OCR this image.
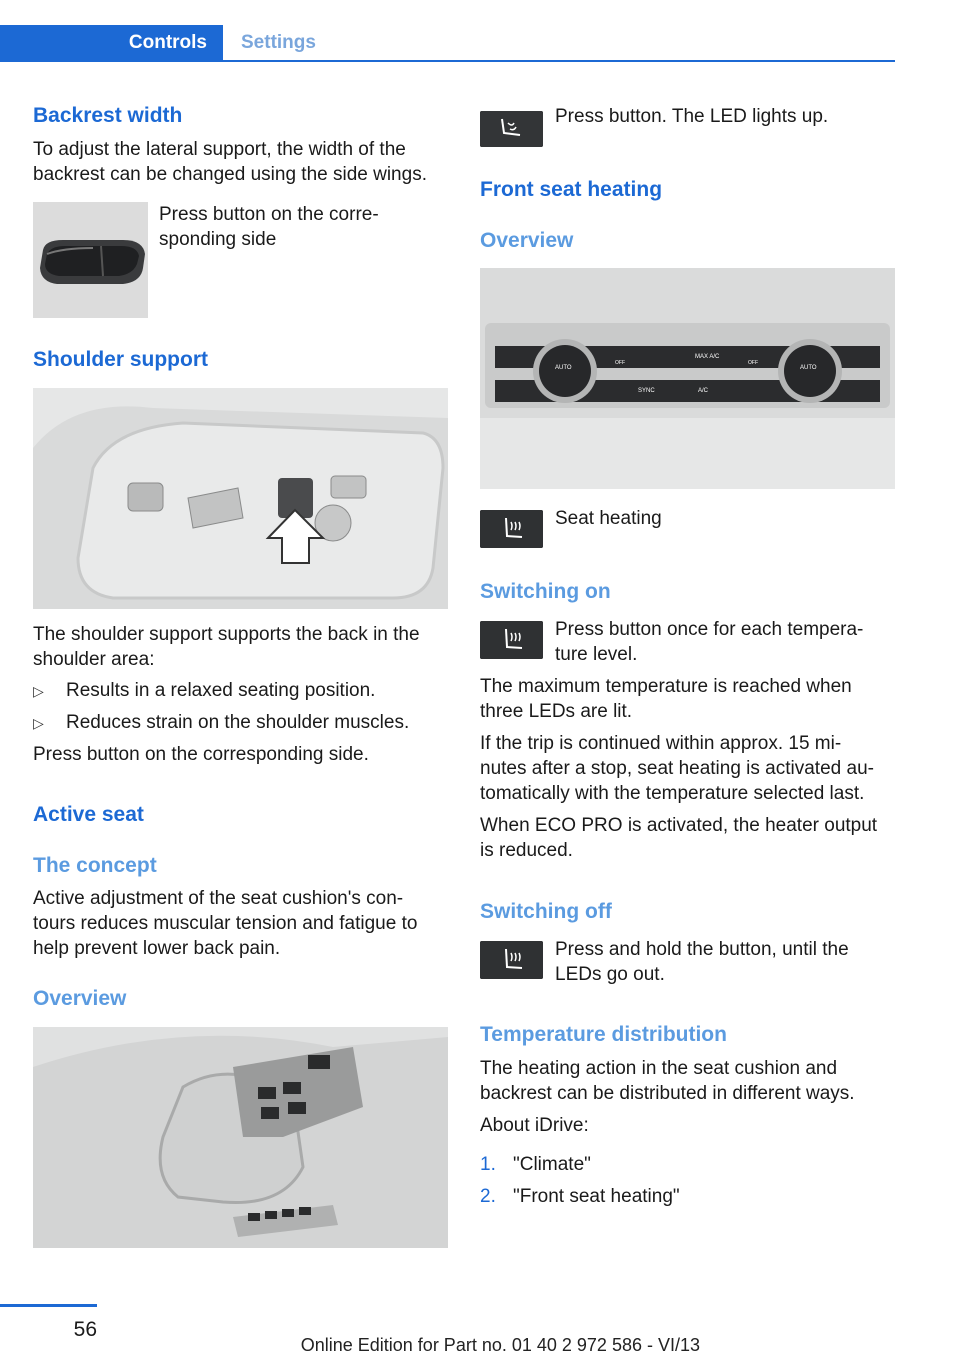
Controls	Settings
Backrest width
To adjust the lateral support, the width of the
backrest can be changed using the side wings.
Press button on the corre‐
sponding side
Shoulder support
The shoulder support supports the back in the
shoulder area:
▷ Results in a relaxed seating position.
▷ Reduces strain on the shoulder muscles.
Press button on the corresponding side.
Active seat
The concept
Active adjustment of the seat cushion's con‐
tours reduces muscular tension and fatigue to
help prevent lower back pain.
Overview
Press button. The LED lights up.
Front seat heating
Overview
AUTO	AUTO
MAX A/C
SYNC	A/C
OFF	OFF
Seat heating
Switching on
Press button once for each tempera‐
ture level.
The maximum temperature is reached when
three LEDs are lit.
If the trip is continued within approx. 15 mi‐
nutes after a stop, seat heating is activated au‐
tomatically with the temperature selected last.
When ECO PRO is activated, the heater output
is reduced.
Switching off
Press and hold the button, until the
LEDs go out.
Temperature distribution
The heating action in the seat cushion and
backrest can be distributed in different ways.
About iDrive:
1. "Climate"
2. "Front seat heating"
56
Online Edition for Part no. 01 40 2 972 586 - VI/13
